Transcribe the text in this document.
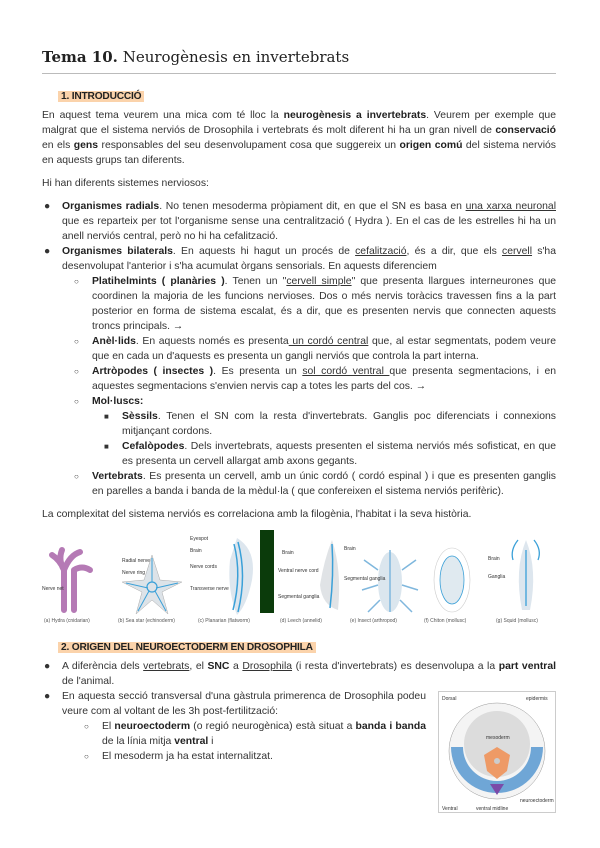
Tema 10. Neurogènesis en invertebrats
1. INTRODUCCIÓ
En aquest tema veurem una mica com té lloc la neurogènesis a invertebrats. Veurem per exemple que malgrat que el sistema nerviós de Drosophila i vertebrats és molt diferent hi ha un gran nivell de conservació en els gens responsables del seu desenvolupament cosa que suggereix un origen comú del sistema nerviós en aquests grups tan diferents.
Hi han diferents sistemes nerviosos:
● Organismes radials. No tenen mesoderma pròpiament dit, en que el SN es basa en una xarxa neuronal que es reparteix per tot l'organisme sense una centralització ( Hydra ). En el cas de les estrelles hi ha un anell nerviós central, però no hi ha cefalització.
● Organismes bilaterals. En aquests hi hagut un procés de cefalització, és a dir, que els cervell s'ha desenvolupat l'anterior i s'ha acumulat òrgans sensorials. En aquests diferenciem
○ Platihelmints ( planàries ). Tenen un "cervell simple" que presenta llargues interneurones que coordinen la majoria de les funcions nervioses. Dos o més nervis toràcics travessen fins a la part posterior en forma de sistema escalat, és a dir, que es presenten nervis que connecten aquests troncs principals. →
○ Anèl·lids. En aquests només es presenta un cordó central que, al estar segmentats, podem veure que en cada un d'aquests es presenta un gangli nerviós que controla la part interna.
○ Artròpodes ( insectes ). Es presenta un sol cordó ventral que presenta segmentacions, i en aquestes segmentacions s'envien nervis cap a totes les parts del cos. →
○ Mol·luscs:
■ Sèssils. Tenen el SN com la resta d'invertebrats. Ganglis poc diferenciats i connexions mitjançant cordons.
■ Cefalòpodes. Dels invertebrats, aquests presenten el sistema nerviós més sofisticat, en que es presenta un cervell allargat amb axons gegants.
○ Vertebrats. Es presenta un cervell, amb un únic cordó ( cordó espinal ) i que es presenten ganglis en parelles a banda i banda de la mèdul·la ( que confereixen el sistema nerviós perifèric).
La complexitat del sistema nerviós es correlaciona amb la filogènia, l'habitat i la seva història.
Nerve net
Radial nerve
Nerve ring
Eyespot
Brain
Nerve cords
Transverse nerve
Brain
Ventral nerve cord
Segmental ganglia
Brain
Segmental ganglia
Brain
Ganglia
(a) Hydra (cnidarian)	(b) Sea star (echinoderm)	(c) Planarian (flatworm)	(d) Leech (annelid)	(e) Insect (arthropod)	(f) Chiton (mollusc)	(g) Squid (mollusc)
2. ORIGEN DEL NEUROECTODERM EN DROSOPHILA
● A diferència dels vertebrats, el SNC a Drosophila (i resta d'invertebrats) es desenvolupa a la part ventral de l'animal.
Dorsal	epidermis
mesoderm
neuroectoderm
Ventral	ventral midline
● En aquesta secció transversal d'una gàstrula primerenca de Drosophila podeu veure com al voltant de les 3h post-fertilització:
○ El neuroectoderm (o regió neurogènica) està situat a banda i banda de la línia mitja ventral i
○ El mesoderm ja ha estat internalitzat.
